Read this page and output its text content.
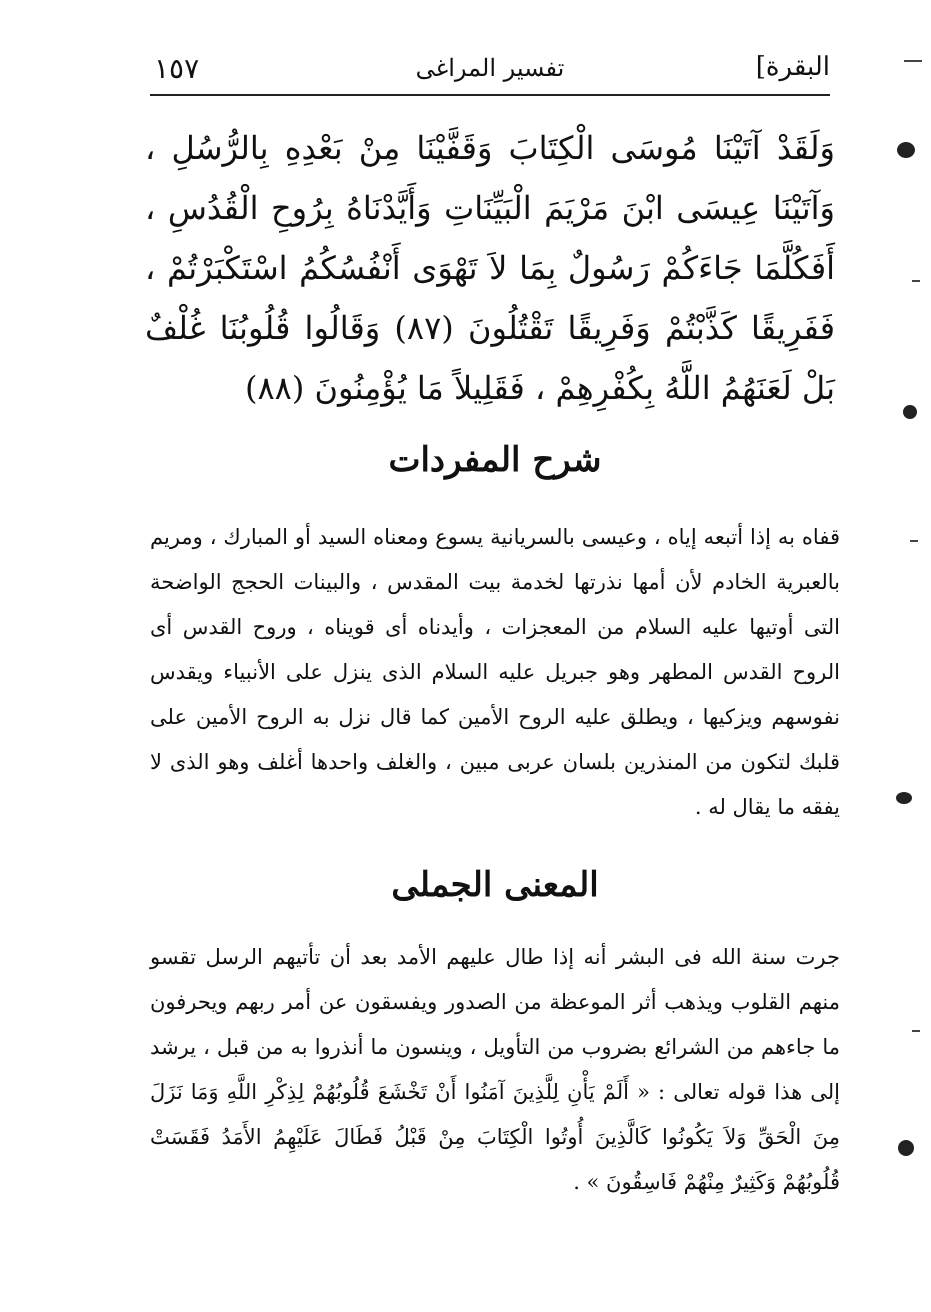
البقرة]
تفسير المراغى
١٥٧
وَلَقَدْ آتَيْنَا مُوسَى الْكِتَابَ وَقَفَّيْنَا مِنْ بَعْدِهِ بِالرُّسُلِ ، وَآتَيْنَا عِيسَى ابْنَ مَرْيَمَ الْبَيِّنَاتِ وَأَيَّدْنَاهُ بِرُوحِ الْقُدُسِ ، أَفَكُلَّمَا جَاءَكُمْ رَسُولٌ بِمَا لاَ تَهْوَى أَنْفُسُكُمُ اسْتَكْبَرْتُمْ ، فَفَرِيقًا كَذَّبْتُمْ وَفَرِيقًا تَقْتُلُونَ (٨٧) وَقَالُوا قُلُوبُنَا غُلْفٌ بَلْ لَعَنَهُمُ اللَّهُ بِكُفْرِهِمْ ، فَقَلِيلاً مَا يُؤْمِنُونَ (٨٨)
شرح المفردات
قفاه به إذا أتبعه إياه ، وعيسى بالسريانية يسوع ومعناه السيد أو المبارك ، ومريم بالعبرية الخادم لأن أمها نذرتها لخدمة بيت المقدس ، والبينات الحجج الواضحة التى أوتيها عليه السلام من المعجزات ، وأيدناه أى قويناه ، وروح القدس أى الروح القدس المطهر وهو جبريل عليه السلام الذى ينزل على الأنبياء ويقدس نفوسهم ويزكيها ، ويطلق عليه الروح الأمين كما قال نزل به الروح الأمين على قلبك لتكون من المنذرين بلسان عربى مبين ، والغلف واحدها أغلف وهو الذى لا يفقه ما يقال له .
المعنى الجملى
جرت سنة الله فى البشر أنه إذا طال عليهم الأمد بعد أن تأتيهم الرسل تقسو منهم القلوب ويذهب أثر الموعظة من الصدور ويفسقون عن أمر ربهم ويحرفون ما جاءهم من الشرائع بضروب من التأويل ، وينسون ما أنذروا به من قبل ، يرشد إلى هذا قوله تعالى : « أَلَمْ يَأْنِ لِلَّذِينَ آمَنُوا أَنْ تَخْشَعَ قُلُوبُهُمْ لِذِكْرِ اللَّهِ وَمَا نَزَلَ مِنَ الْحَقِّ وَلاَ يَكُونُوا كَالَّذِينَ أُوتُوا الْكِتَابَ مِنْ قَبْلُ فَطَالَ عَلَيْهِمُ الأَمَدُ فَقَسَتْ قُلُوبُهُمْ وَكَثِيرٌ مِنْهُمْ فَاسِقُونَ » .
